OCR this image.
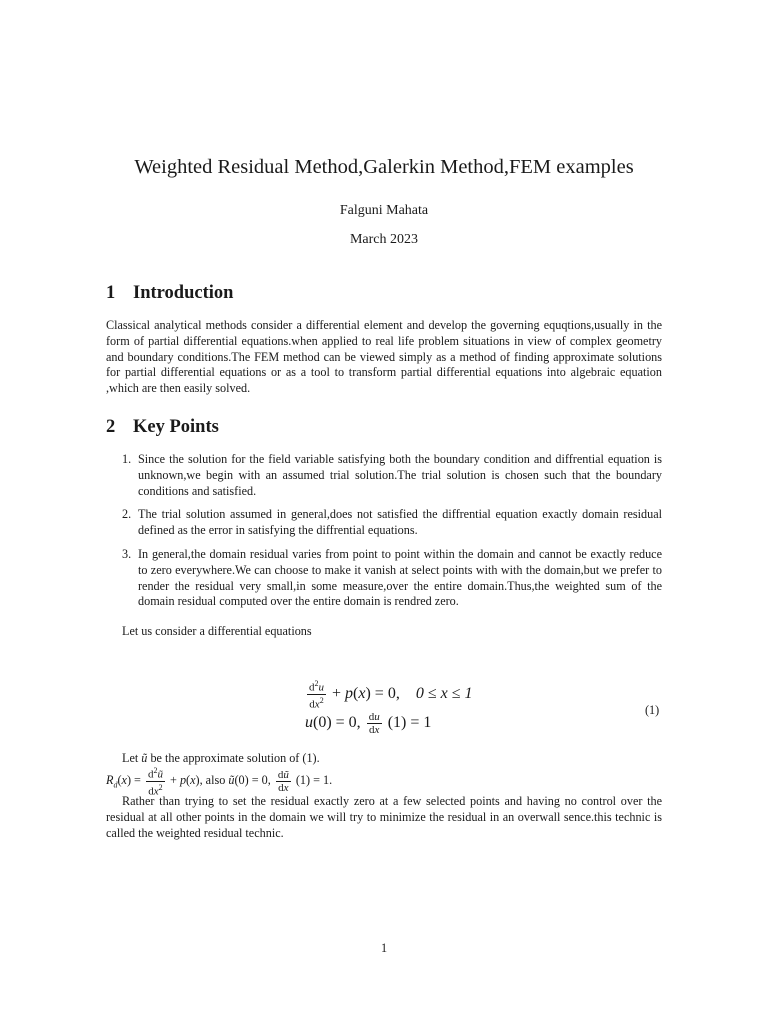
Weighted Residual Method,Galerkin Method,FEM examples
Falguni Mahata
March 2023
1 Introduction

Classical analytical methods consider a differential element and develop the governing equqtions,usually in the form of partial differential equations.when applied to real life problem situations in view of complex geometry and boundary conditions.The FEM method can be viewed simply as a method of finding approximate solutions for partial differential equations or as a tool to transform partial differential equations into algebraic equation ,which are then easily solved.

2 Key Points
1. Since the solution for the field variable satisfying both the boundary condition and diffrential equation is unknown,we begin with an assumed trial solution.The trial solution is chosen such that the boundary conditions and satisfied.
2. The trial solution assumed in general,does not satisfied the diffrential equation exactly domain residual defined as the error in satisfying the diffrential equations.
3. In general,the domain residual varies from point to point within the domain and cannot be exactly reduce to zero everywhere.We can choose to make it vanish at select points with with the domain,but we prefer to render the residual very small,in some measure,over the entire domain.Thus,the weighted sum of the domain residual computed over the entire domain is rendred zero.
Let us consider a differential equations
$\frac{d^2u}{dx^2} + p(x) = 0$,    0 ≤ x ≤ 1
u(0) = 0, $\frac{du}{dx} (1) = 1$
(1)
Let ũ be the approximate solution of (1).
$R_d(x) = \frac{d^2ũ}{dx^2} + p(x)$, also ũ(0) = 0, $\frac{dũ}{dx} (1) = 1$.

Rather than trying to set the residual exactly zero at a few selected points and having no control over the residual at all other points in the domain we will try to minimize the residual in an overwall sence.this technic is called the weighted residual technic.

1
